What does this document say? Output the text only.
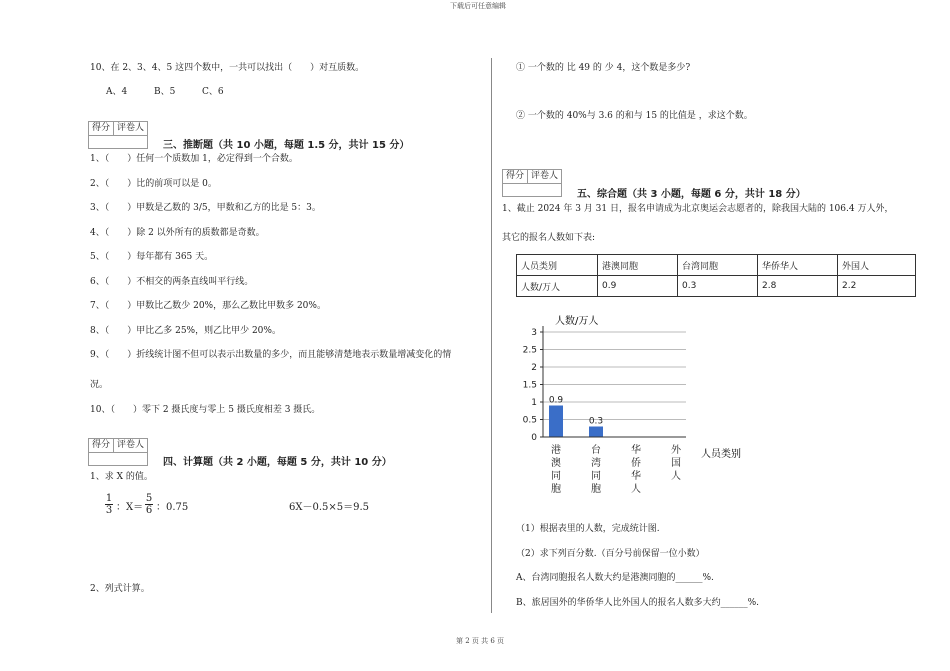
下载后可任意编辑
10、在 2、3、4、5 这四个数中，一共可以找出（　　）对互质数。
A、4	B、5	C、6
得分 评卷人
三、推断题（共 10 小题，每题 1.5 分，共计 15 分）
1、（　　）任何一个质数加 1，必定得到一个合数。
2、（　　）比的前项可以是 0。
3、（　　）甲数是乙数的 3/5，甲数和乙方的比是 5：3。
4、（　　）除 2 以外所有的质数都是奇数。
5、（　　）每年都有 365 天。
6、（　　）不相交的两条直线叫平行线。
7、（　　）甲数比乙数少 20%，那么乙数比甲数多 20%。
8、（　　）甲比乙多 25%，则乙比甲少 20%。
9、（　　）折线统计图不但可以表示出数量的多少，而且能够清楚地表示数量增减变化的情
况。
10、（　　）零下 2 摄氏度与零上 5 摄氏度相差 3 摄氏。
得分 评卷人
四、计算题（共 2 小题，每题 5 分，共计 10 分）
1、求 X 的值。
$\frac{1}{3}$ ：$X= \frac{5}{6}$ ：0.75	6X－0.5×5＝9.5
2、列式计算。
① 一个数的 比 49 的 少 4，这个数是多少?
② 一个数的 40%与 3.6 的和与 15 的比值是 ，求这个数。
得分 评卷人
五、综合题（共 3 小题，每题 6 分，共计 18 分）
1、截止 2024 年 3 月 31 日，报名申请成为北京奥运会志愿者的，除我国大陆的 106.4 万人外，
其它的报名人数如下表:
人员类别	港澳同胞	台湾同胞	华侨华人	外国人
人数/万人	0.9	0.3	2.8	2.2
0
0.5
1
1.5
2
2.5
3
0.9
0.3
港
澳
同
胞
台
湾
同
胞
华
侨
华
人
外
国
人
人数/万人
人员类别
（1）根据表里的人数，完成统计图.
（2）求下列百分数.（百分号前保留一位小数）
A、台湾同胞报名人数大约是港澳同胞的______%.
B、旅居国外的华侨华人比外国人的报名人数多大约______%.
第 2 页 共 6 页
